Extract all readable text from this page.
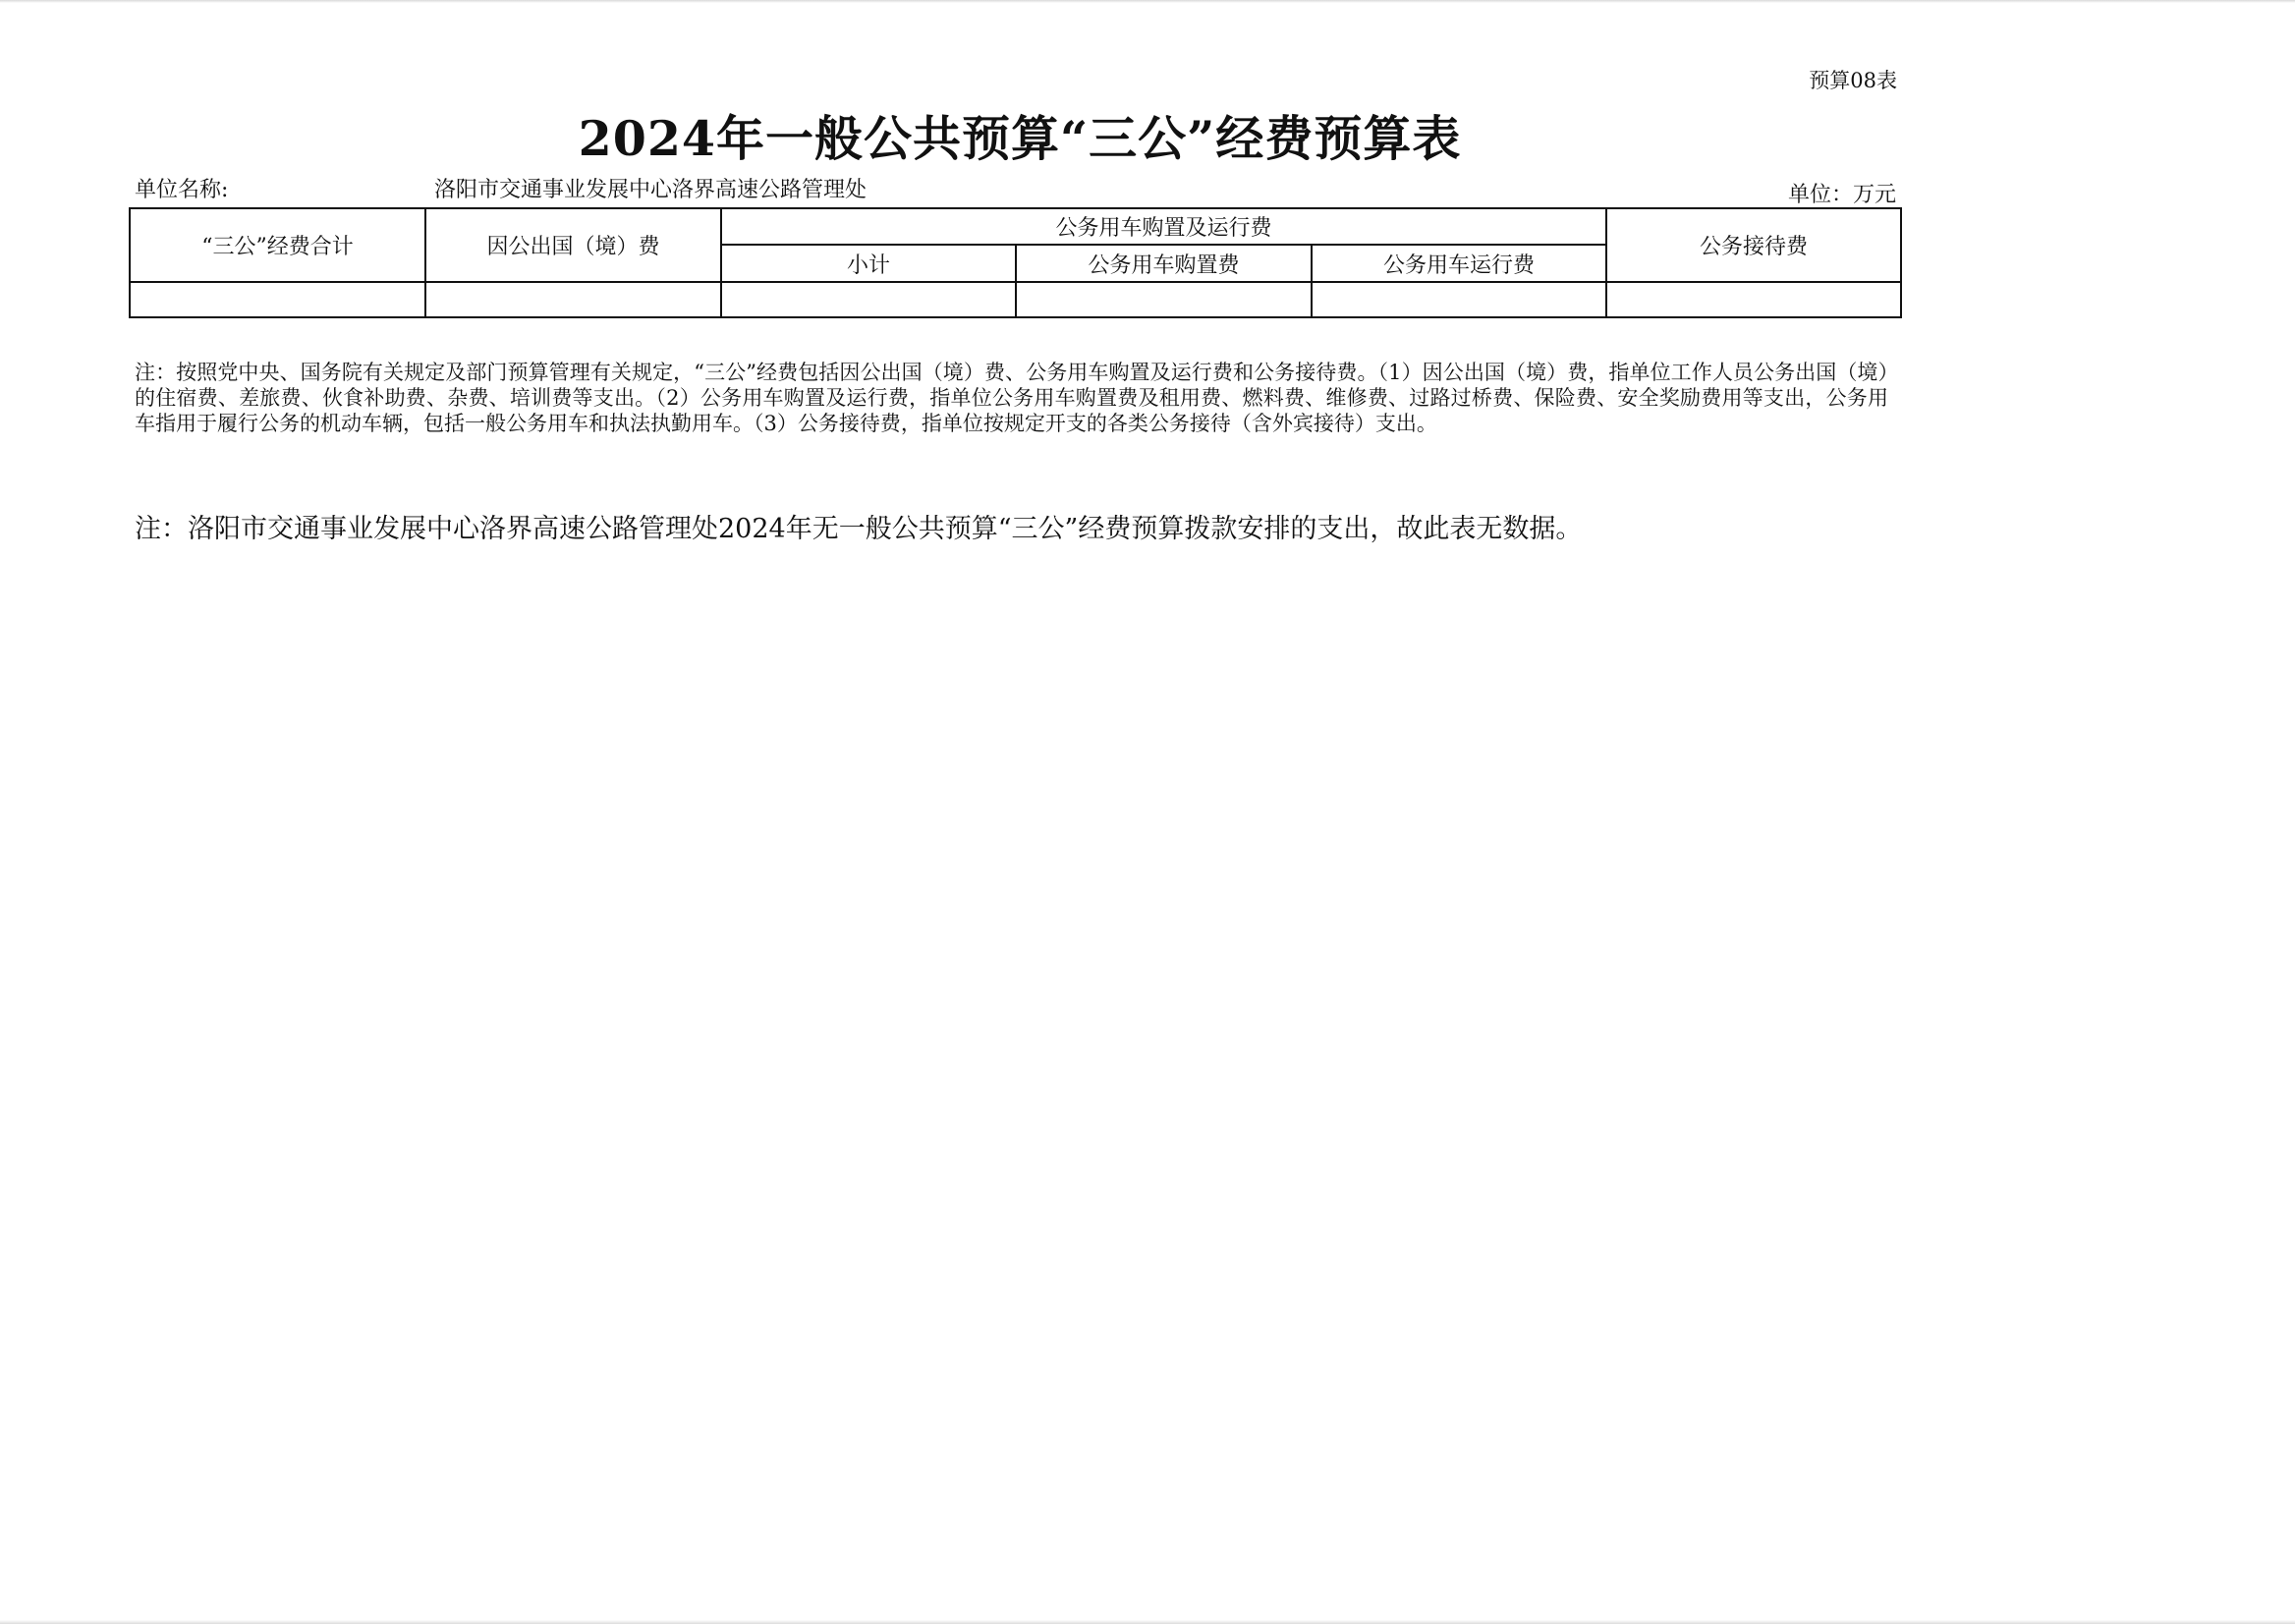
预算08表
2024年一般公共预算“三公”经费预算表
单位名称:	洛阳市交通事业发展中心洛界高速公路管理处	单位：万元
“三公”经费合计	因公出国（境）费	公务用车购置及运行费			公务接待费
		小计	公务用车购置费	公务用车运行费	

注：按照党中央、国务院有关规定及部门预算管理有关规定，“三公”经费包括因公出国（境）费、公务用车购置及运行费和公务接待费。（1）因公出国（境）费，指单位工作人员公务出国（境）的住宿费、差旅费、伙食补助费、杂费、培训费等支出。（2）公务用车购置及运行费，指单位公务用车购置费及租用费、燃料费、维修费、过路过桥费、保险费、安全奖励费用等支出，公务用车指用于履行公务的机动车辆，包括一般公务用车和执法执勤用车。（3）公务接待费，指单位按规定开支的各类公务接待（含外宾接待）支出。
注：洛阳市交通事业发展中心洛界高速公路管理处2024年无一般公共预算“三公”经费预算拨款安排的支出，故此表无数据。
